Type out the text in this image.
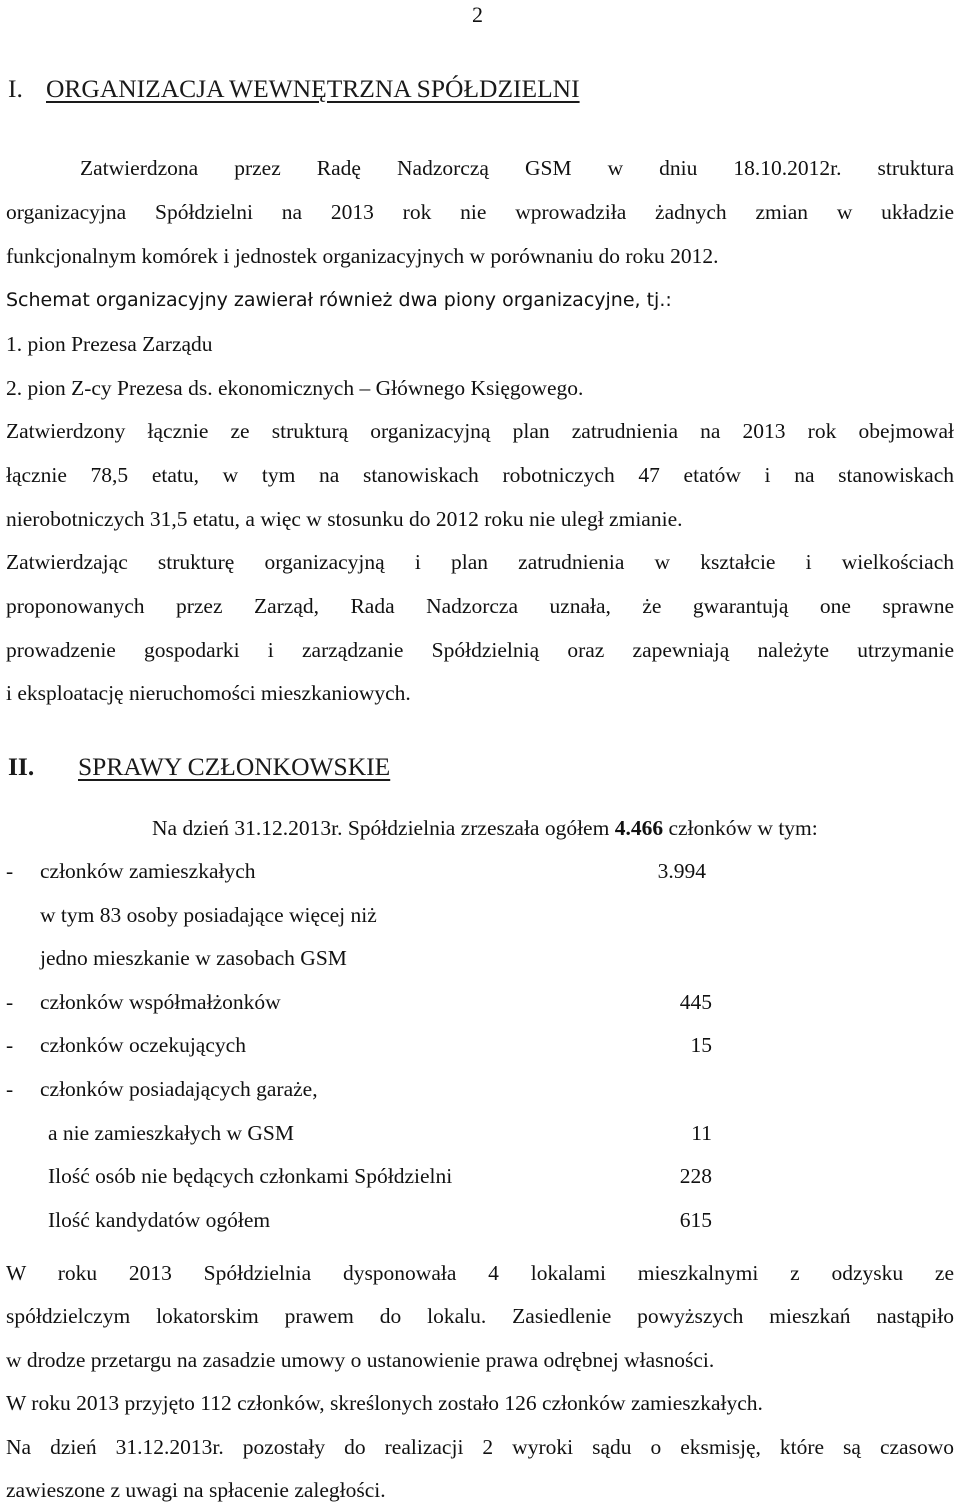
2
I. ORGANIZACJA WEWNĘTRZNA SPÓŁDZIELNI
Zatwierdzona przez Radę Nadzorczą GSM w dniu 18.10.2012r. struktura
organizacyjna Spółdzielni na 2013 rok nie wprowadziła żadnych zmian w układzie
funkcjonalnym komórek i jednostek organizacyjnych w porównaniu do roku 2012.
Schemat organizacyjny zawierał również dwa piony organizacyjne, tj.:
1. pion Prezesa Zarządu
2. pion Z-cy Prezesa ds. ekonomicznych – Głównego Księgowego.
Zatwierdzony łącznie ze strukturą organizacyjną plan zatrudnienia na 2013 rok obejmował
łącznie 78,5 etatu, w tym na stanowiskach robotniczych 47 etatów i na stanowiskach
nierobotniczych 31,5 etatu, a więc w stosunku do 2012 roku nie uległ zmianie.
Zatwierdzając strukturę organizacyjną i plan zatrudnienia w kształcie i wielkościach
proponowanych przez Zarząd, Rada Nadzorcza uznała, że gwarantują one sprawne
prowadzenie gospodarki i zarządzanie Spółdzielnią oraz zapewniają należyte utrzymanie
i eksploatację nieruchomości mieszkaniowych.
II. SPRAWY CZŁONKOWSKIE
Na dzień 31.12.2013r. Spółdzielnia zrzeszała ogółem 4.466 członków w tym:
- członków zamieszkałych	3.994
w tym 83 osoby posiadające więcej niż
jedno mieszkanie w zasobach GSM
- członków współmałżonków	445
- członków oczekujących	15
- członków posiadających garaże,
a nie zamieszkałych w GSM	11
Ilość osób nie będących członkami Spółdzielni	228
Ilość kandydatów ogółem	615
W roku 2013 Spółdzielnia dysponowała 4 lokalami mieszkalnymi z odzysku ze
spółdzielczym lokatorskim prawem do lokalu. Zasiedlenie powyższych mieszkań nastąpiło
w drodze przetargu na zasadzie umowy o ustanowienie prawa odrębnej własności.
W roku 2013 przyjęto 112 członków, skreślonych zostało 126 członków zamieszkałych.
Na dzień 31.12.2013r. pozostały do realizacji 2 wyroki sądu o eksmisję, które są czasowo
zawieszone z uwagi na spłacenie zaległości.
